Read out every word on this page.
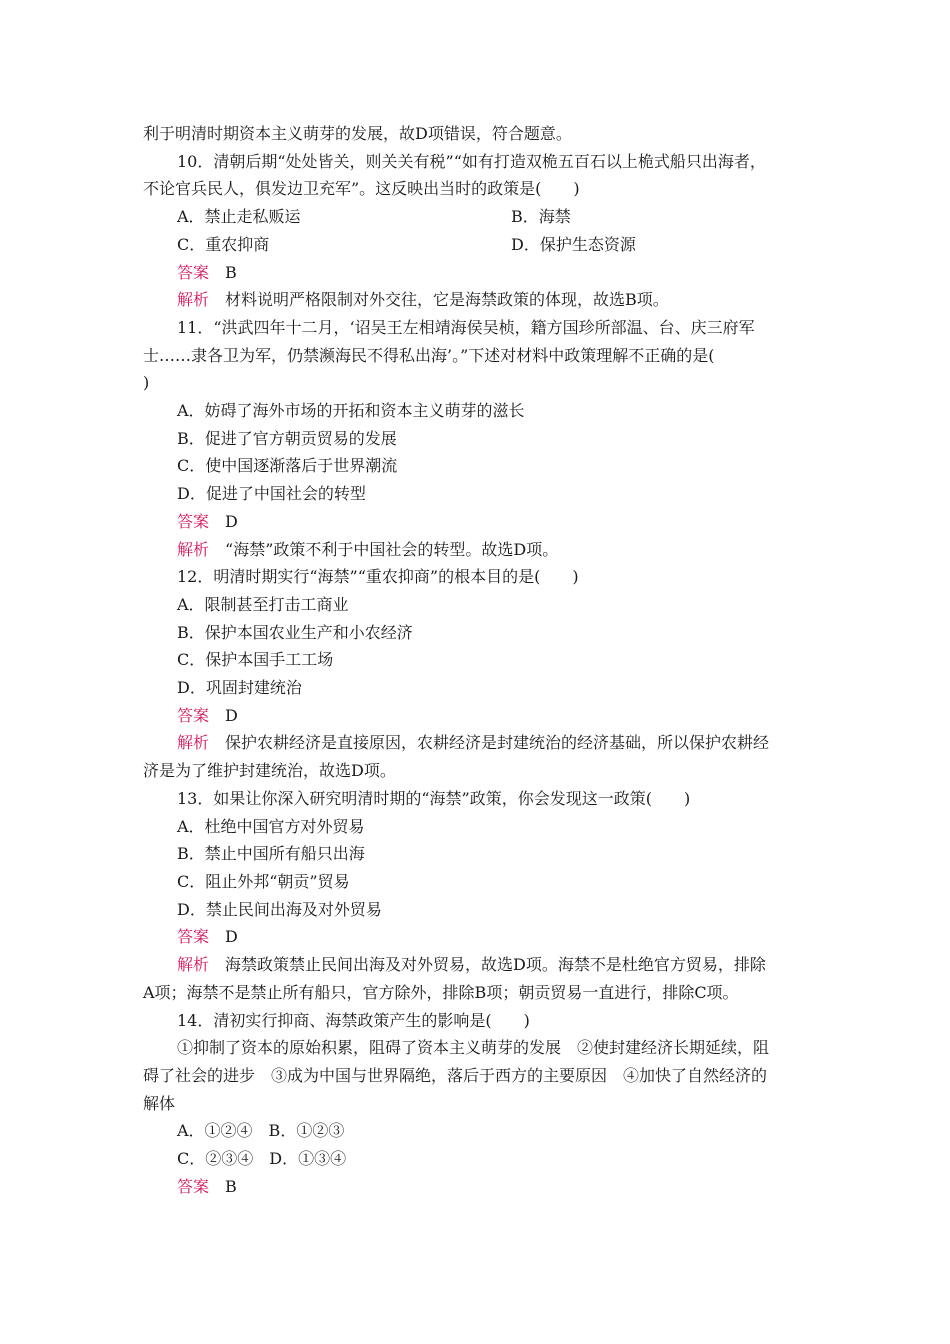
利于明清时期资本主义萌芽的发展，故D项错误，符合题意。
10．清朝后期“处处皆关，则关关有税”“如有打造双桅五百石以上桅式船只出海者，
不论官兵民人，俱发边卫充军”。这反映出当时的政策是(　　)
A．禁止走私贩运	B．海禁
C．重农抑商	D．保护生态资源
答案 B
解析 材料说明严格限制对外交往，它是海禁政策的体现，故选B项。
11．“洪武四年十二月，‘诏吴王左相靖海侯吴桢，籍方国珍所部温、台、庆三府军
士……隶各卫为军，仍禁濒海民不得私出海’。”下述对材料中政策理解不正确的是(
)
A．妨碍了海外市场的开拓和资本主义萌芽的滋长
B．促进了官方朝贡贸易的发展
C．使中国逐渐落后于世界潮流
D．促进了中国社会的转型
答案 D
解析 “海禁”政策不利于中国社会的转型。故选D项。
12．明清时期实行“海禁”“重农抑商”的根本目的是(　　)
A．限制甚至打击工商业
B．保护本国农业生产和小农经济
C．保护本国手工工场
D．巩固封建统治
答案 D
解析 保护农耕经济是直接原因，农耕经济是封建统治的经济基础，所以保护农耕经
济是为了维护封建统治，故选D项。
13．如果让你深入研究明清时期的“海禁”政策，你会发现这一政策(　　)
A．杜绝中国官方对外贸易
B．禁止中国所有船只出海
C．阻止外邦“朝贡”贸易
D．禁止民间出海及对外贸易
答案 D
解析 海禁政策禁止民间出海及对外贸易，故选D项。海禁不是杜绝官方贸易，排除
A项；海禁不是禁止所有船只，官方除外，排除B项；朝贡贸易一直进行，排除C项。
14．清初实行抑商、海禁政策产生的影响是(　　)
①抑制了资本的原始积累，阻碍了资本主义萌芽的发展　②使封建经济长期延续，阻
碍了社会的进步　③成为中国与世界隔绝，落后于西方的主要原因　④加快了自然经济的
解体
A．①②④　B．①②③
C．②③④　D．①③④
答案 B
